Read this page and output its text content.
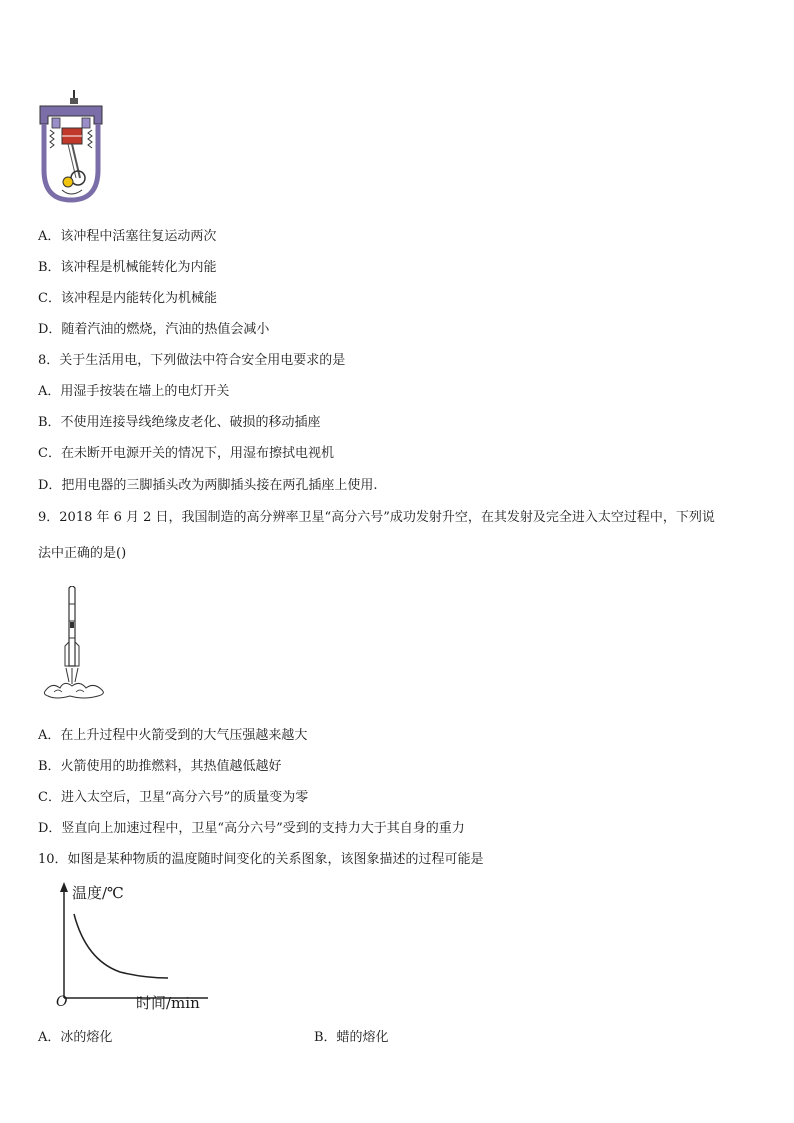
A．该冲程中活塞往复运动两次
B．该冲程是机械能转化为内能
C．该冲程是内能转化为机械能
D．随着汽油的燃烧，汽油的热值会减小
8．关于生活用电，下列做法中符合安全用电要求的是
A．用湿手按装在墙上的电灯开关
B．不使用连接导线绝缘皮老化、破损的移动插座
C．在未断开电源开关的情况下，用湿布擦拭电视机
D．把用电器的三脚插头改为两脚插头接在两孔插座上使用.
9．2018 年 6 月 2 日，我国制造的高分辨率卫星“高分六号”成功发射升空，在其发射及完全进入太空过程中，下列说
法中正确的是()
A．在上升过程中火箭受到的大气压强越来越大
B．火箭使用的助推燃料，其热值越低越好
C．进入太空后，卫星“高分六号”的质量变为零
D．竖直向上加速过程中，卫星“高分六号”受到的支持力大于其自身的重力
10．如图是某种物质的温度随时间变化的关系图象，该图象描述的过程可能是
温度/℃
时间/min
O
A．冰的熔化	B．蜡的熔化
